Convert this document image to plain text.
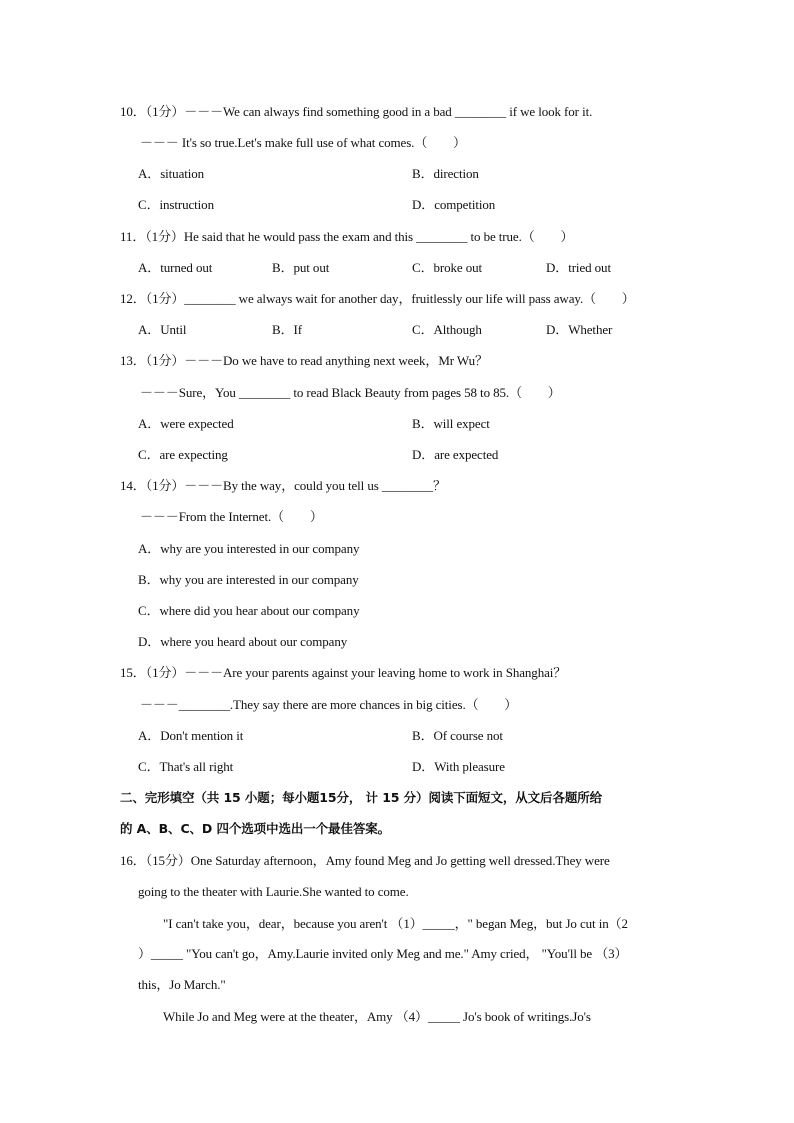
10．（1分）－－－We can always find something good in a bad ________ if we look for it.
－－－ It's so true.Let's make full use of what comes.（　　）
A．situation	B．direction
C．instruction	D．competition
11．（1分）He said that he would pass the exam and this ________ to be true.（　　）
A．turned out	B．put out	C．broke out	D．tried out
12．（1分）________ we always wait for another day，fruitlessly our life will pass away.（　　）
A．Until	B．If	C．Although	D．Whether
13．（1分）－－－Do we have to read anything next week，Mr Wu？
－－－Sure，You ________ to read Black Beauty from pages 58 to 85.（　　）
A．were expected	B．will expect
C．are expecting	D．are expected
14．（1分）－－－By the way，could you tell us ________？
－－－From the Internet.（　　）
A．why are you interested in our company
B．why you are interested in our company
C．where did you hear about our company
D．where you heard about our company
15．（1分）－－－Are your parents against your leaving home to work in Shanghai？
－－－________.They say there are more chances in big cities.（　　）
A．Don't mention it	B．Of course not
C．That's all right	D．With pleasure
二、完形填空（共 15 小题；每小题15分， 计 15 分）阅读下面短文，从文后各题所给
的 A、B、C、D 四个选项中选出一个最佳答案。
16．（15分）One Saturday afternoon，Amy found Meg and Jo getting well dressed.They were
going to the theater with Laurie.She wanted to come.
"I can't take you，dear，because you aren't （1）_____，" began Meg，but Jo cut in（2
）_____ "You can't go，Amy.Laurie invited only Meg and me." Amy cried， "You'll be （3）
this，Jo March."
While Jo and Meg were at the theater，Amy （4）_____ Jo's book of writings.Jo's
